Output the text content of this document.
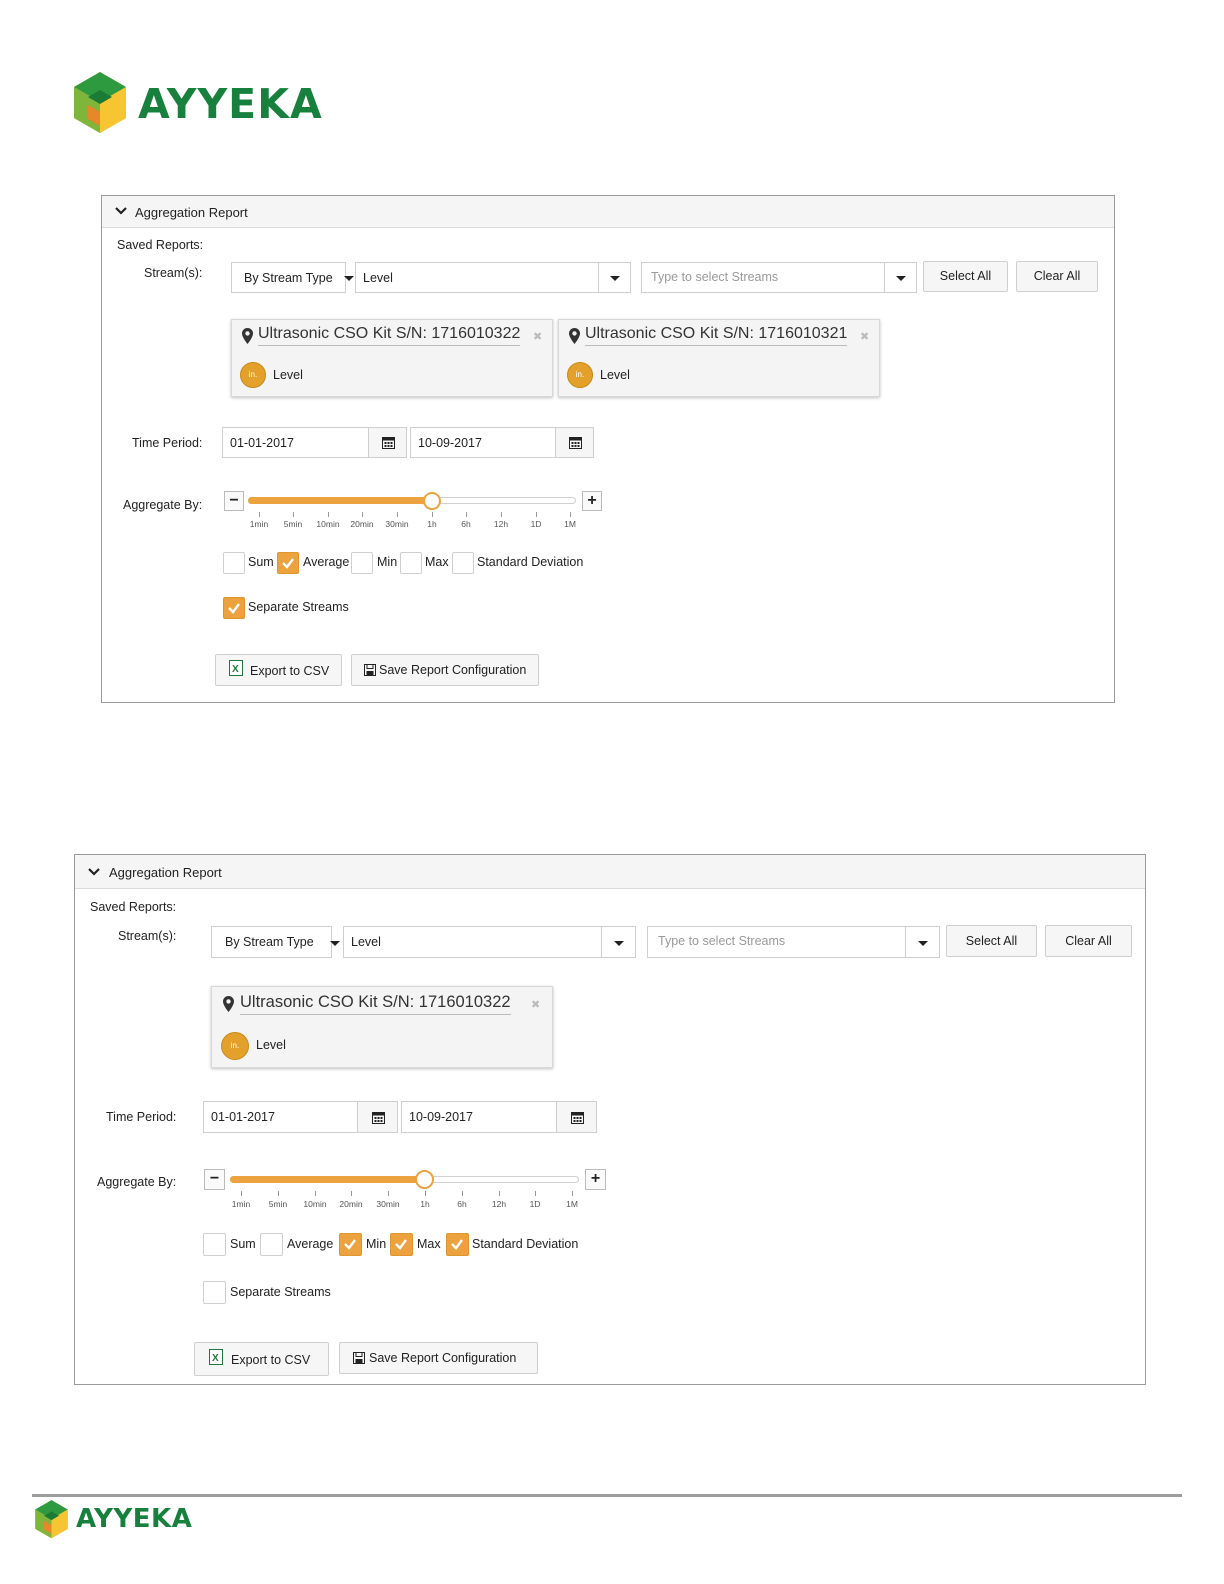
AYYEKA
Aggregation Report
Saved Reports:
Stream(s):	By Stream Type Level	Type to select Streams	Select All	Clear All
Ultrasonic CSO Kit S/N: 1716010322 ✖
in.	Level
Ultrasonic CSO Kit S/N: 1716010321 ✖
in.	Level
Time Period: 01-01-2017	10-09-2017
Aggregate By:	−	+
1min 5min 10min 20min 30min 1h	6h	12h	1D	1M
Sum Average Min Max Standard Deviation
Separate Streams
X Export to CSV	Save Report Configuration
Aggregation Report
Saved Reports:
Stream(s):	By Stream Type	Level	Type to select Streams	Select All	Clear All
Ultrasonic CSO Kit S/N: 1716010322 ✖
in.	Level
Time Period:	01-01-2017	10-09-2017
Aggregate By:	−	+
1min 5min 10min 20min 30min 1h	6h	12h	1D	1M
Sum	Average	Min Max	Standard Deviation
Separate Streams
X Export to CSV	Save Report Configuration
AYYEKA
